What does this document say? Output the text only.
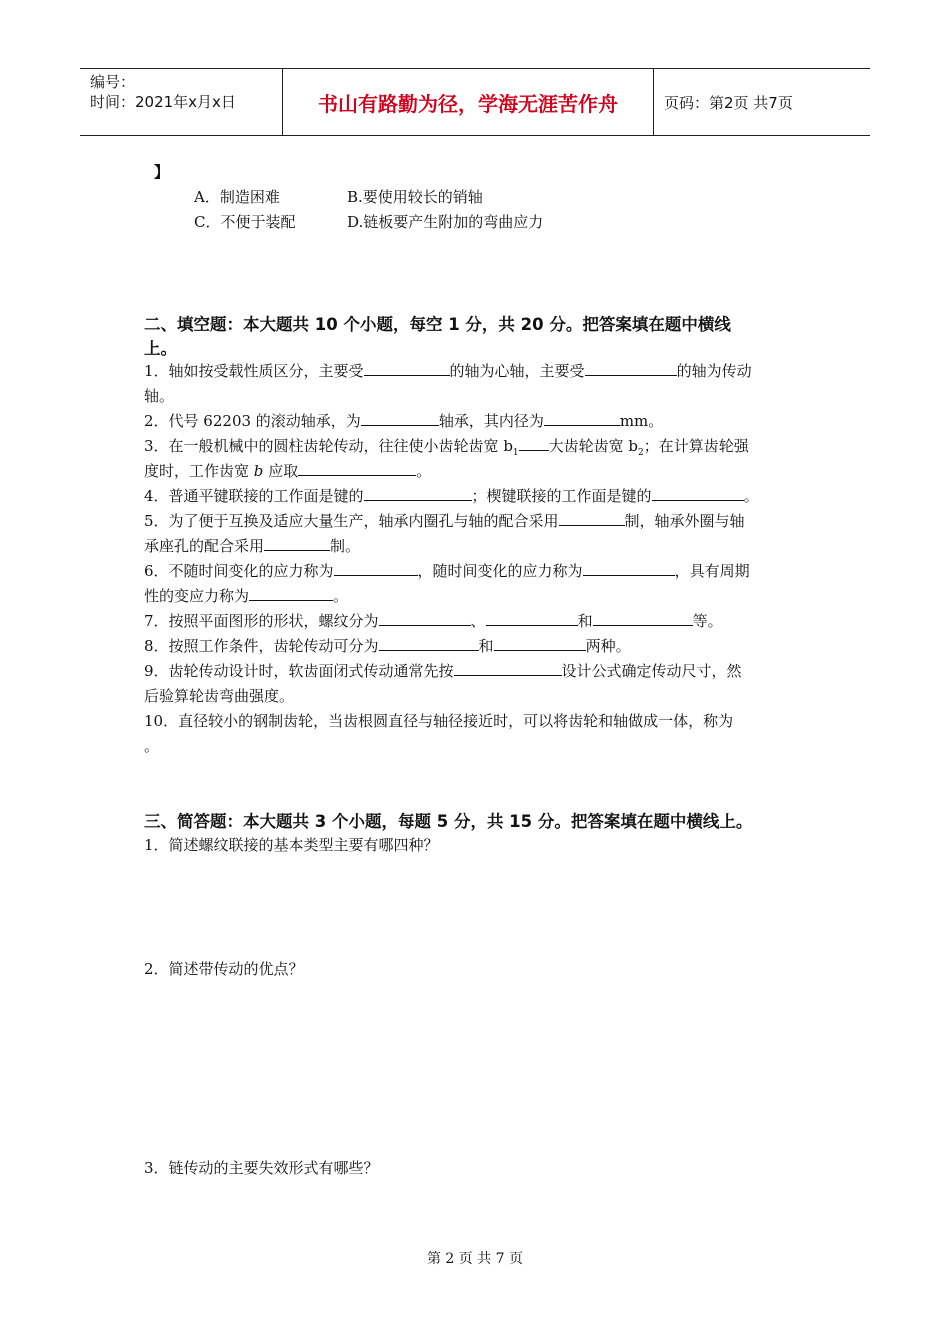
编号：
时间：2021年x月x日	书山有路勤为径，学海无涯苦作舟	页码：第2页 共7页
】
A．制造困难	B.要使用较长的销轴
C．不便于装配	D.链板要产生附加的弯曲应力
二、填空题：本大题共 10 个小题，每空 1 分，共 20 分。把答案填在题中横线
上。
1．轴如按受载性质区分，主要受	的轴为心轴，主要受	的轴为传动
轴。
2．代号 62203 的滚动轴承，为	轴承，其内径为	mm。
3．在一般机械中的圆柱齿轮传动，往往使小齿轮齿宽 $b_1$ 大齿轮齿宽 $b_2$；在计算齿轮强
度时，工作齿宽 b 应取	。
4．普通平键联接的工作面是键的	；楔键联接的工作面是键的	。
5．为了便于互换及适应大量生产，轴承内圈孔与轴的配合采用	制，轴承外圈与轴
承座孔的配合采用	制。
6．不随时间变化的应力称为	，随时间变化的应力称为	，具有周期
性的变应力称为	。
7．按照平面图形的形状，螺纹分为	、	和	等。
8．按照工作条件，齿轮传动可分为	和	两种。
9．齿轮传动设计时，软齿面闭式传动通常先按	设计公式确定传动尺寸，然
后验算轮齿弯曲强度。
10．直径较小的钢制齿轮，当齿根圆直径与轴径接近时，可以将齿轮和轴做成一体，称为
。
三、简答题：本大题共 3 个小题，每题 5 分，共 15 分。把答案填在题中横线上。
1．简述螺纹联接的基本类型主要有哪四种？
2．简述带传动的优点？
3．链传动的主要失效形式有哪些？
第 2 页 共 7 页
